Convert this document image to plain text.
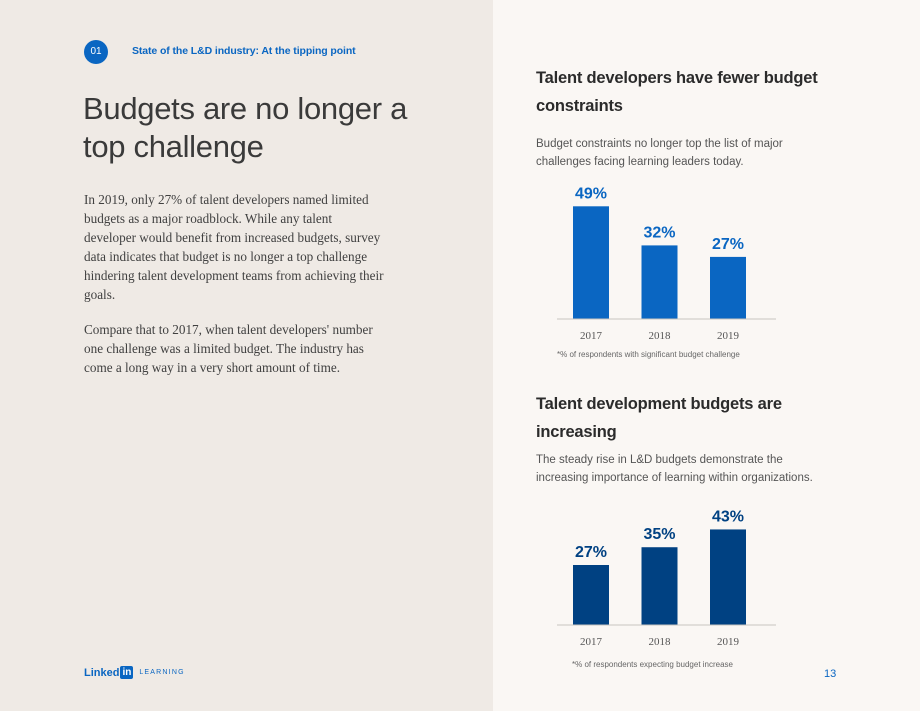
01	State of the L&D industry: At the tipping point
Budgets are no longer a top challenge

In 2019, only 27% of talent developers named limited budgets as a major roadblock. While any talent developer would benefit from increased budgets, survey data indicates that budget is no longer a top challenge hindering talent development teams from achieving their goals.

Compare that to 2017, when talent developers' number one challenge was a limited budget. The industry has come a long way in a very short amount of time.

Linked in LEARNING
Talent developers have fewer budget constraints
Budget constraints no longer top the list of major challenges facing learning leaders today.
49%
2017
32%
2018
27%
2019
*% of respondents with significant budget challenge
Talent development budgets are increasing
The steady rise in L&D budgets demonstrate the increasing importance of learning within organizations.
27%
2017
35%
2018
43%
2019
*% of respondents expecting budget increase
13
